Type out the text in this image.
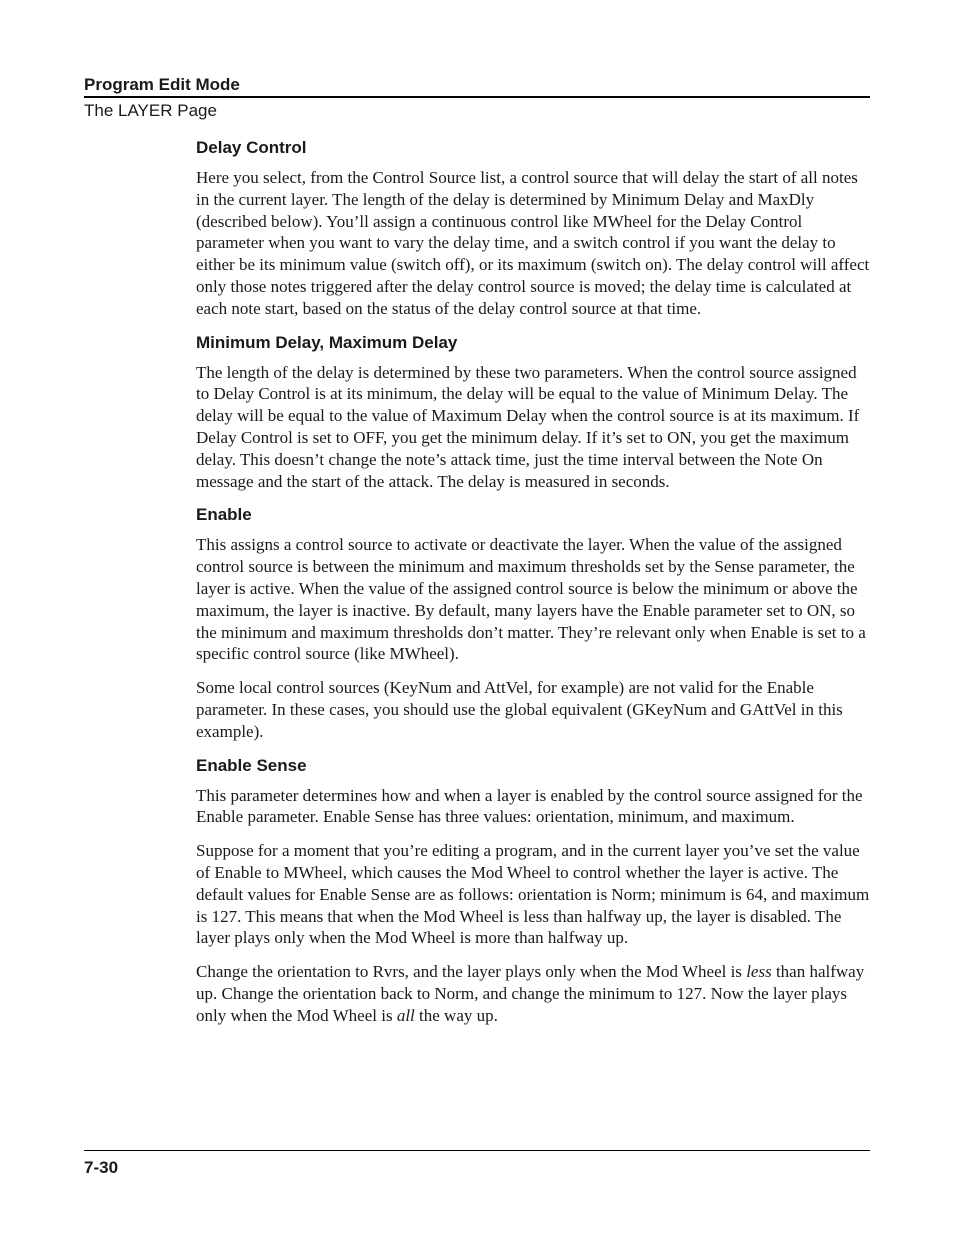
Program Edit Mode
The LAYER Page
Delay Control

Here you select, from the Control Source list, a control source that will delay the start of all notes in the current layer. The length of the delay is determined by Minimum Delay and MaxDly (described below). You’ll assign a continuous control like MWheel for the Delay Control parameter when you want to vary the delay time, and a switch control if you want the delay to either be its minimum value (switch off), or its maximum (switch on). The delay control will affect only those notes triggered after the delay control source is moved; the delay time is calculated at each note start, based on the status of the delay control source at that time.

Minimum Delay, Maximum Delay

The length of the delay is determined by these two parameters. When the control source assigned to Delay Control is at its minimum, the delay will be equal to the value of Minimum Delay. The delay will be equal to the value of Maximum Delay when the control source is at its maximum. If Delay Control is set to OFF, you get the minimum delay. If it’s set to ON, you get the maximum delay. This doesn’t change the note’s attack time, just the time interval between the Note On message and the start of the attack. The delay is measured in seconds.

Enable

This assigns a control source to activate or deactivate the layer. When the value of the assigned control source is between the minimum and maximum thresholds set by the Sense parameter, the layer is active. When the value of the assigned control source is below the minimum or above the maximum, the layer is inactive. By default, many layers have the Enable parameter set to ON, so the minimum and maximum thresholds don’t matter. They’re relevant only when Enable is set to a specific control source (like MWheel).

Some local control sources (KeyNum and AttVel, for example) are not valid for the Enable parameter. In these cases, you should use the global equivalent (GKeyNum and GAttVel in this example).

Enable Sense

This parameter determines how and when a layer is enabled by the control source assigned for the Enable parameter. Enable Sense has three values: orientation, minimum, and maximum.

Suppose for a moment that you’re editing a program, and in the current layer you’ve set the value of Enable to MWheel, which causes the Mod Wheel to control whether the layer is active. The default values for Enable Sense are as follows: orientation is Norm; minimum is 64, and maximum is 127. This means that when the Mod Wheel is less than halfway up, the layer is disabled. The layer plays only when the Mod Wheel is more than halfway up.

Change the orientation to Rvrs, and the layer plays only when the Mod Wheel is less than halfway up. Change the orientation back to Norm, and change the minimum to 127. Now the layer plays only when the Mod Wheel is all the way up.

7-30
